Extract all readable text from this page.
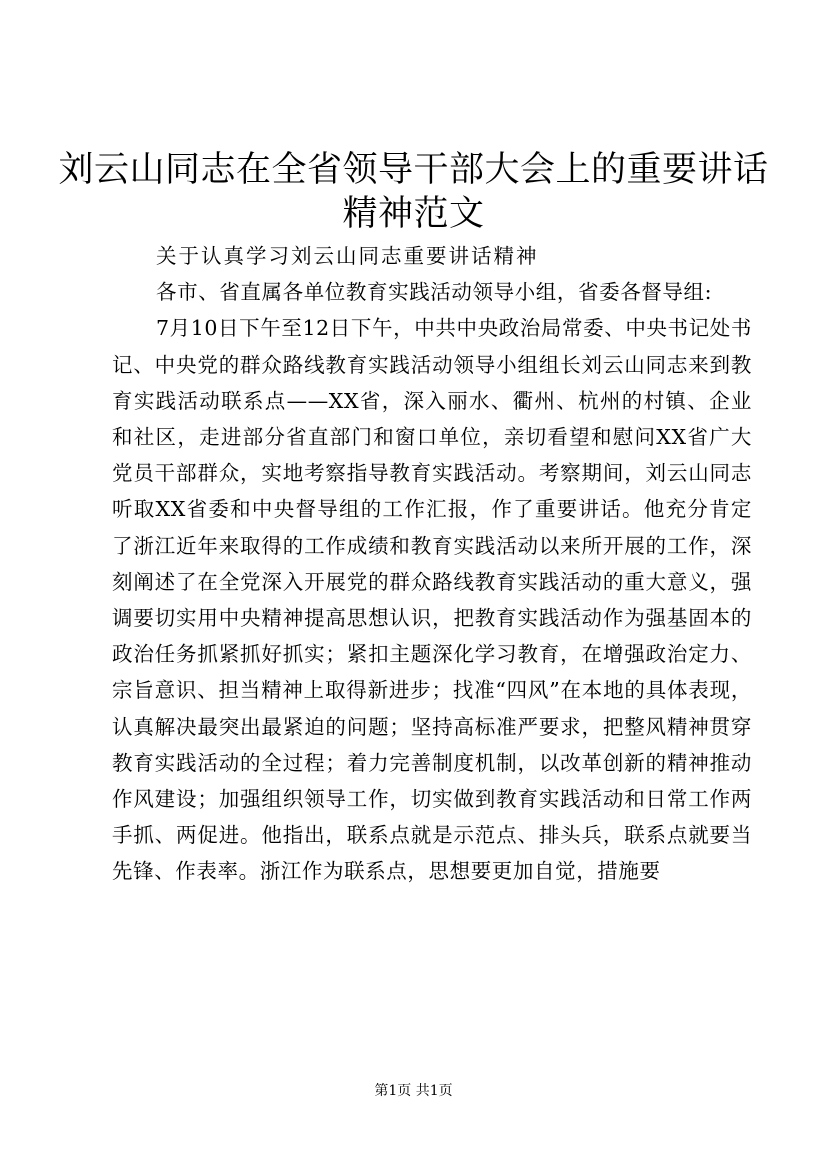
刘云山同志在全省领导干部大会上的重要讲话
精神范文

关于认真学习刘云山同志重要讲话精神

各市、省直属各单位教育实践活动领导小组，省委各督导组:

7月10日下午至12日下午，中共中央政治局常委、中央书记处书记、中央党的群众路线教育实践活动领导小组组长刘云山同志来到教育实践活动联系点——XX省，深入丽水、衢州、杭州的村镇、企业和社区，走进部分省直部门和窗口单位，亲切看望和慰问XX省广大党员干部群众，实地考察指导教育实践活动。考察期间，刘云山同志听取XX省委和中央督导组的工作汇报，作了重要讲话。他充分肯定了浙江近年来取得的工作成绩和教育实践活动以来所开展的工作，深刻阐述了在全党深入开展党的群众路线教育实践活动的重大意义，强调要切实用中央精神提高思想认识，把教育实践活动作为强基固本的政治任务抓紧抓好抓实；紧扣主题深化学习教育，在增强政治定力、宗旨意识、担当精神上取得新进步；找准“四风”在本地的具体表现，认真解决最突出最紧迫的问题；坚持高标准严要求，把整风精神贯穿教育实践活动的全过程；着力完善制度机制，以改革创新的精神推动作风建设；加强组织领导工作，切实做到教育实践活动和日常工作两手抓、两促进。他指出，联系点就是示范点、排头兵，联系点就要当先锋、作表率。浙江作为联系点，思想要更加自觉，措施要

第1页 共1页
